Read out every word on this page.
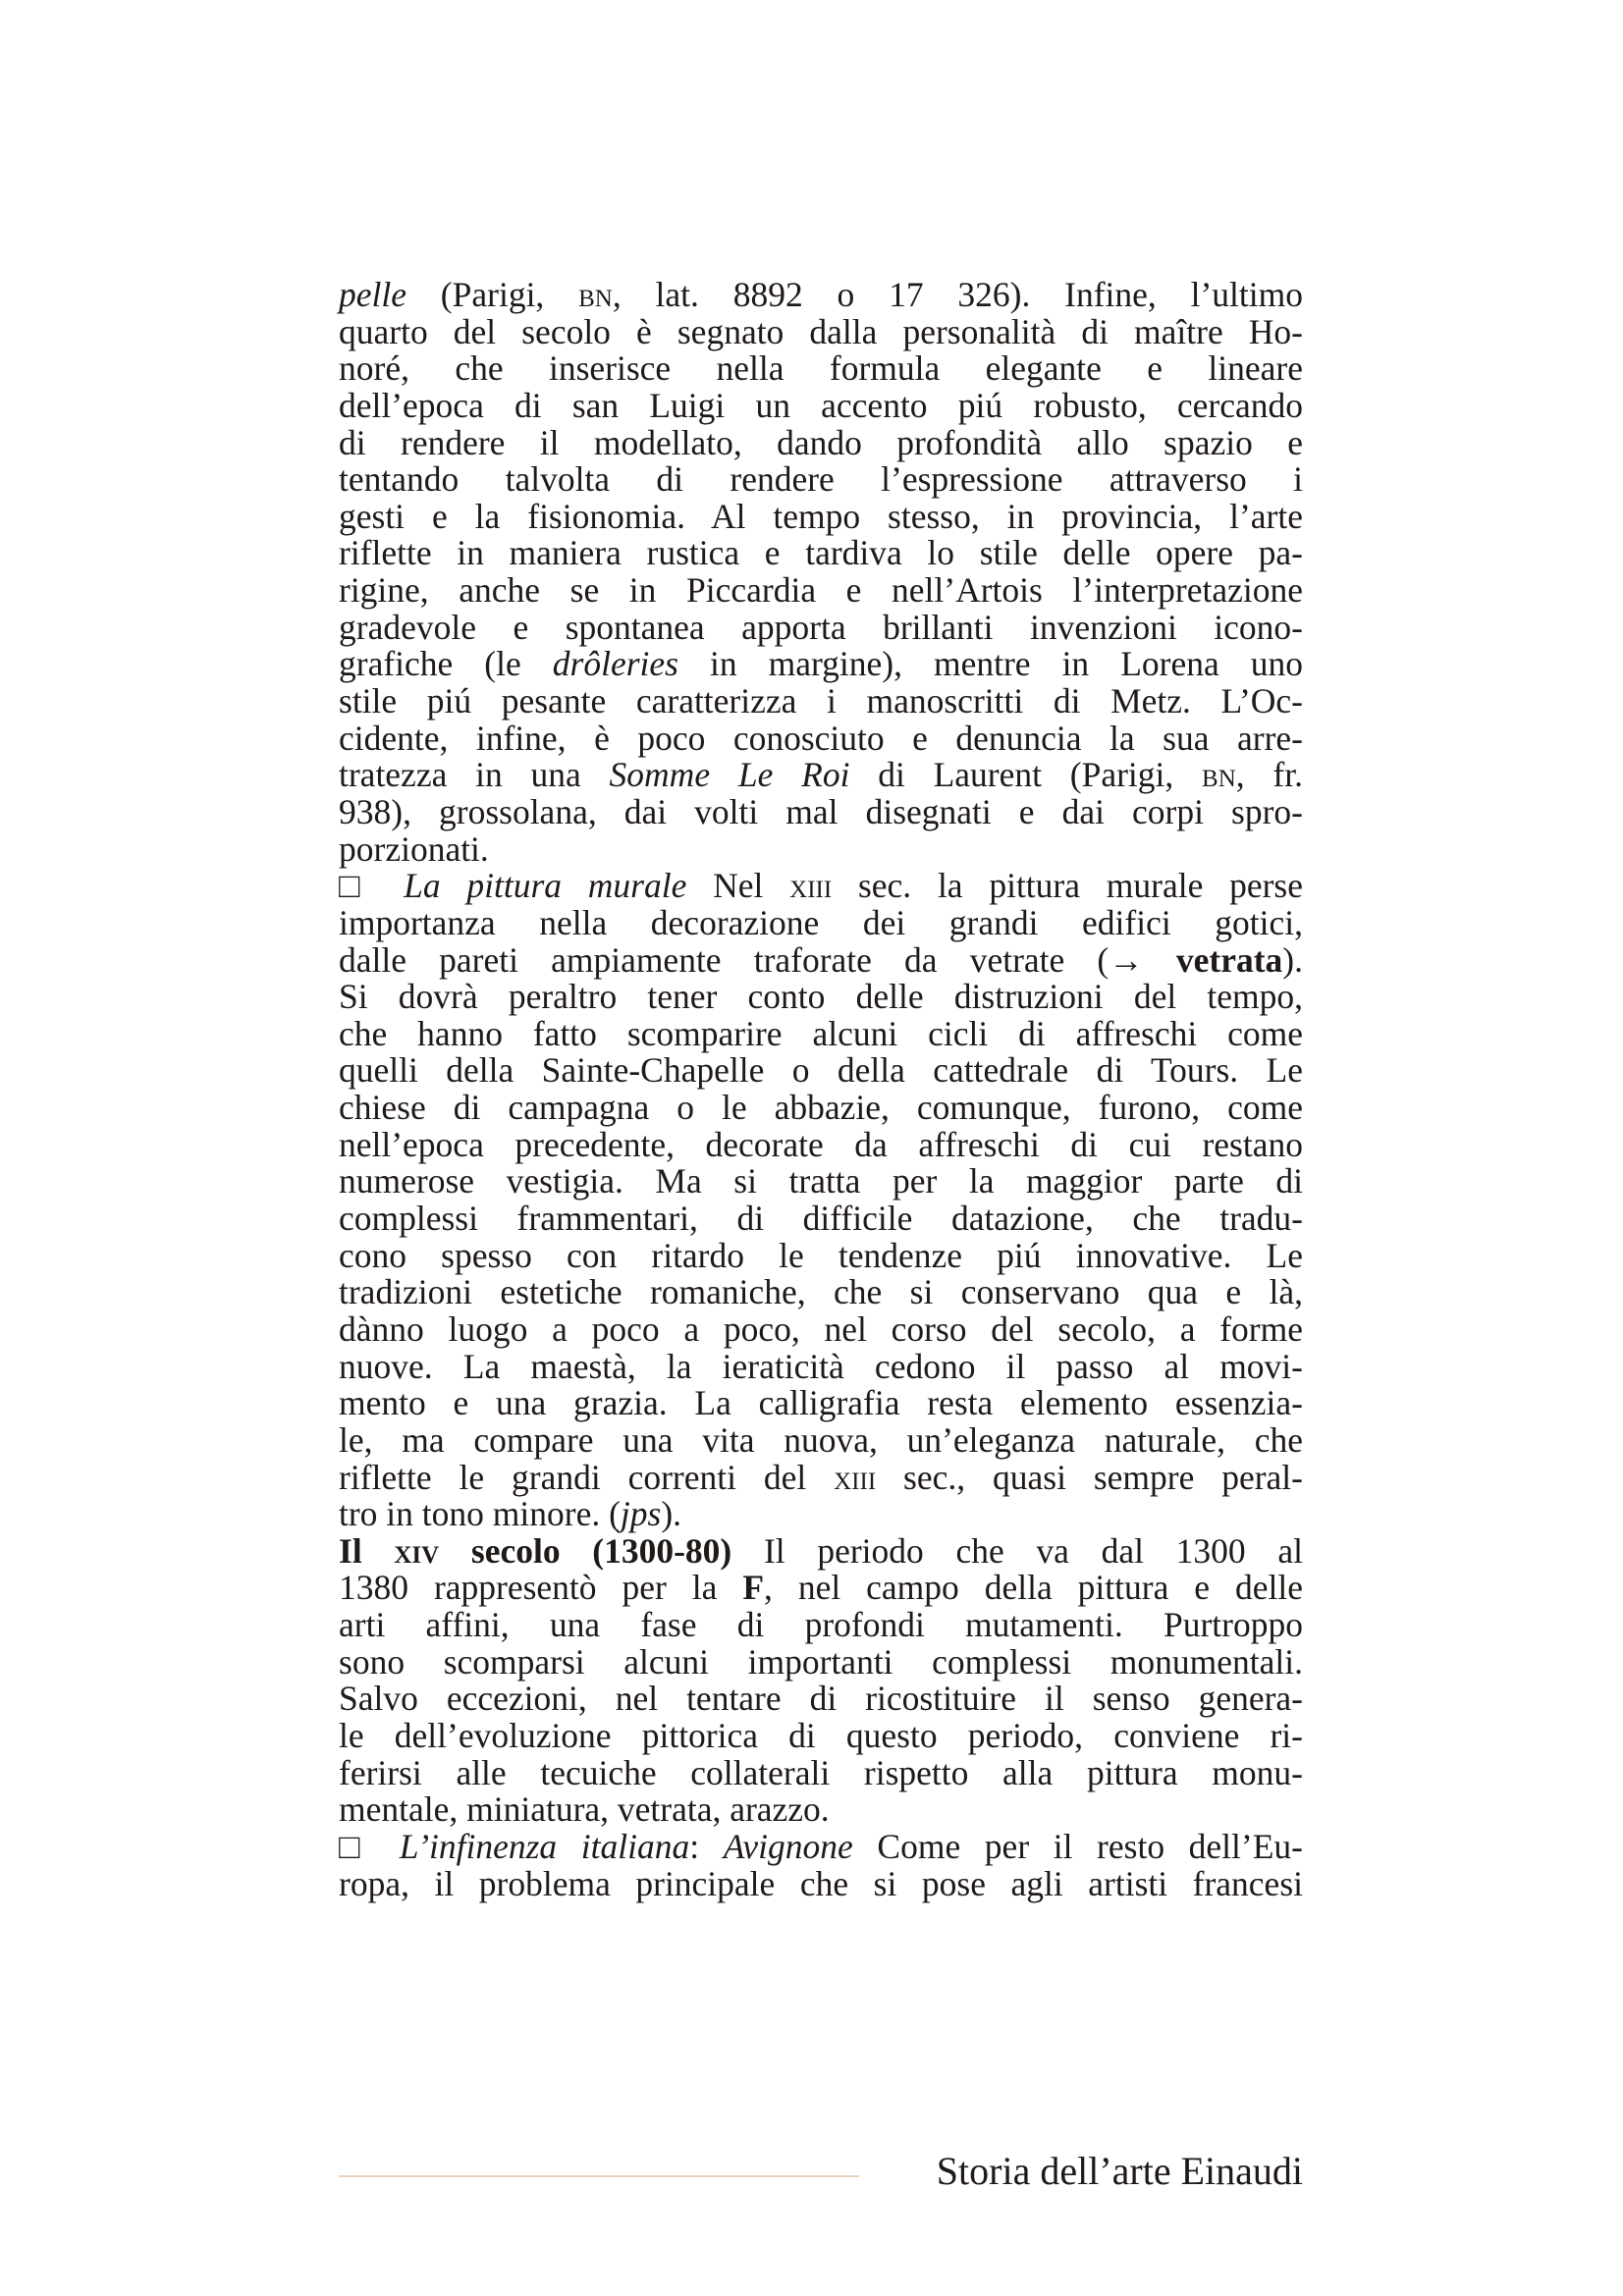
pelle (Parigi, bn, lat. 8892 o 17 326). Infine, l’ultimo
quarto del secolo è segnato dalla personalità di maître Ho-
noré, che inserisce nella formula elegante e lineare
dell’epoca di san Luigi un accento piú robusto, cercando
di rendere il modellato, dando profondità allo spazio e
tentando talvolta di rendere l’espressione attraverso i
gesti e la fisionomia. Al tempo stesso, in provincia, l’arte
riflette in maniera rustica e tardiva lo stile delle opere pa-
rigine, anche se in Piccardia e nell’Artois l’interpretazione
gradevole e spontanea apporta brillanti invenzioni icono-
grafiche (le drôleries in margine), mentre in Lorena uno
stile piú pesante caratterizza i manoscritti di Metz. L’Oc-
cidente, infine, è poco conosciuto e denuncia la sua arre-
tratezza in una Somme Le Roi di Laurent (Parigi, bn, fr.
938), grossolana, dai volti mal disegnati e dai corpi spro-
porzionati.
□ La pittura murale Nel xiii sec. la pittura murale perse
importanza nella decorazione dei grandi edifici gotici,
dalle pareti ampiamente traforate da vetrate (→ vetrata).
Si dovrà peraltro tener conto delle distruzioni del tempo,
che hanno fatto scomparire alcuni cicli di affreschi come
quelli della Sainte-Chapelle o della cattedrale di Tours. Le
chiese di campagna o le abbazie, comunque, furono, come
nell’epoca precedente, decorate da affreschi di cui restano
numerose vestigia. Ma si tratta per la maggior parte di
complessi frammentari, di difficile datazione, che tradu-
cono spesso con ritardo le tendenze piú innovative. Le
tradizioni estetiche romaniche, che si conservano qua e là,
dànno luogo a poco a poco, nel corso del secolo, a forme
nuove. La maestà, la ieraticità cedono il passo al movi-
mento e una grazia. La calligrafia resta elemento essenzia-
le, ma compare una vita nuova, un’eleganza naturale, che
riflette le grandi correnti del xiii sec., quasi sempre peral-
tro in tono minore. (jps).
Il xiv secolo (1300-80) Il periodo che va dal 1300 al
1380 rappresentò per la F, nel campo della pittura e delle
arti affini, una fase di profondi mutamenti. Purtroppo
sono scomparsi alcuni importanti complessi monumentali.
Salvo eccezioni, nel tentare di ricostituire il senso genera-
le dell’evoluzione pittorica di questo periodo, conviene ri-
ferirsi alle tecuiche collaterali rispetto alla pittura monu-
mentale, miniatura, vetrata, arazzo.
□ L’infinenza italiana: Avignone Come per il resto dell’Eu-
ropa, il problema principale che si pose agli artisti francesi
Storia dell’arte Einaudi
